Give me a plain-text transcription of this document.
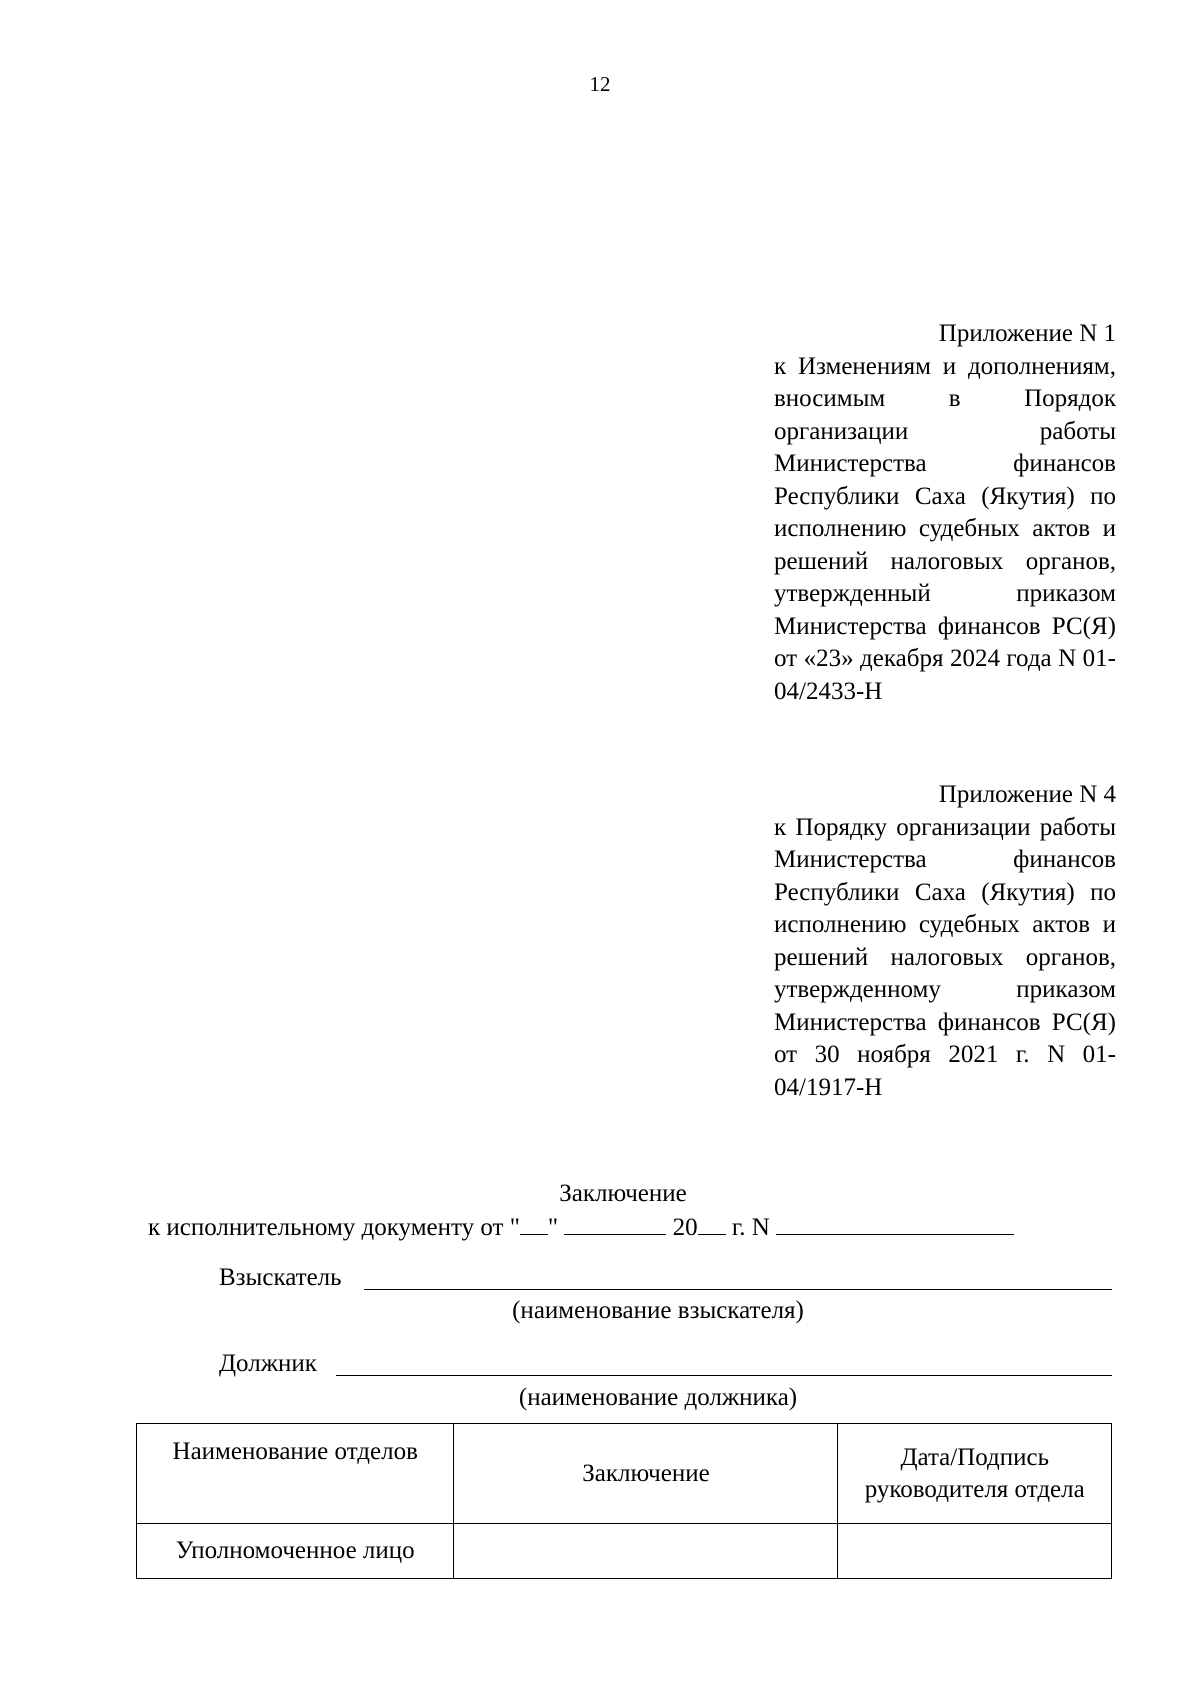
12
Приложение N 1
к Изменениям и дополнениям, вносимым в Порядок организации работы Министерства финансов Республики Саха (Якутия) по исполнению судебных актов и решений налоговых органов, утвержденный приказом Министерства финансов РС(Я) от «23» декабря 2024 года N 01-04/2433-Н
Приложение N 4
к Порядку организации работы Министерства финансов Республики Саха (Якутия) по исполнению судебных актов и решений налоговых органов, утвержденному приказом Министерства финансов РС(Я) от 30 ноября 2021 г. N 01-04/1917-Н
Заключение
к исполнительному документу от " "	20 г. N
Взыскатель
(наименование взыскателя)
Должник
(наименование должника)
Наименование отделов	Заключение	Дата/Подпись руководителя отдела
Уполномоченное лицо		
